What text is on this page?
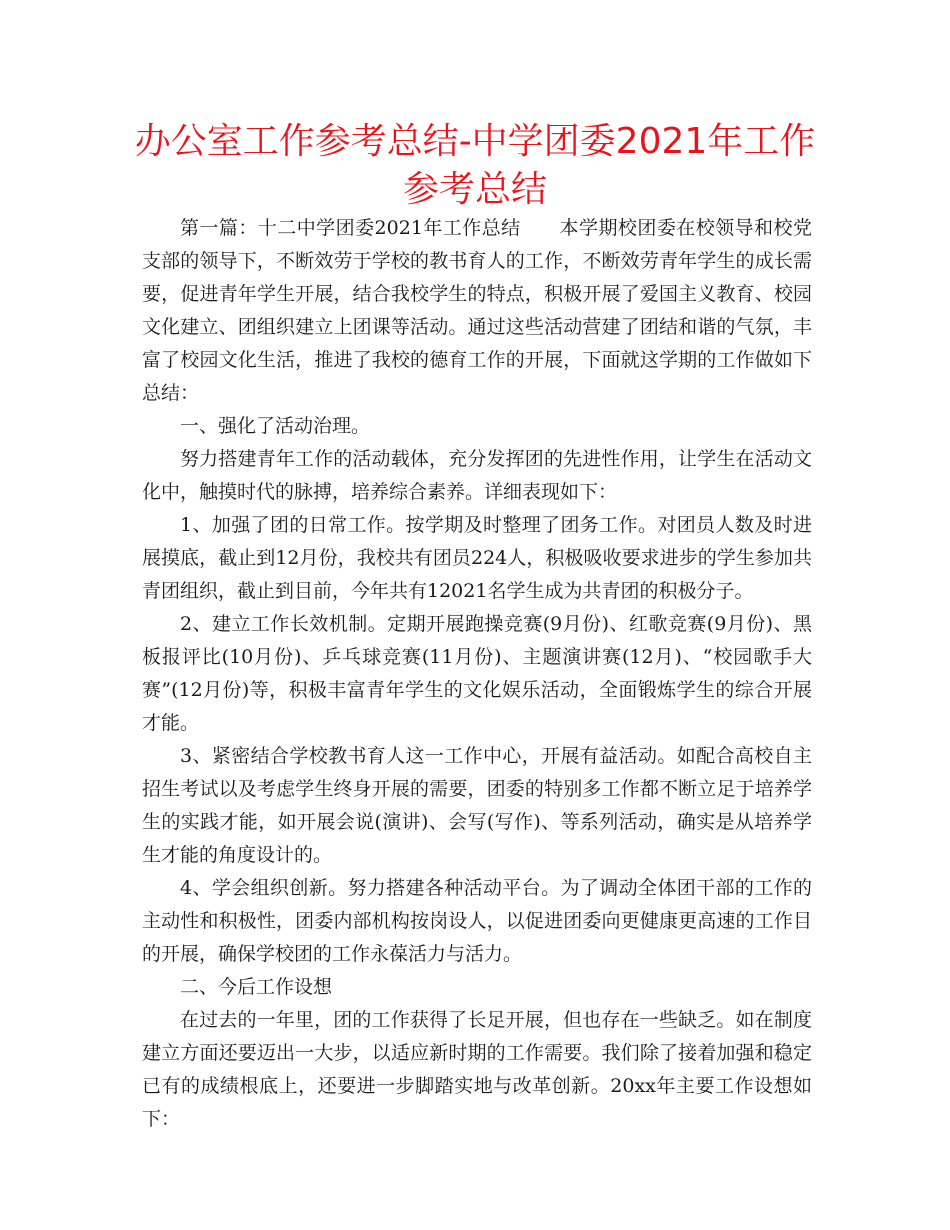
办公室工作参考总结-中学团委2021年工作参考总结

第一篇：十二中学团委2021年工作总结　　本学期校团委在校领导和校党支部的领导下，不断效劳于学校的教书育人的工作，不断效劳青年学生的成长需要，促进青年学生开展，结合我校学生的特点，积极开展了爱国主义教育、校园文化建立、团组织建立上团课等活动。通过这些活动营建了团结和谐的气氛，丰富了校园文化生活，推进了我校的德育工作的开展，下面就这学期的工作做如下总结：

一、强化了活动治理。

努力搭建青年工作的活动载体，充分发挥团的先进性作用，让学生在活动文化中，触摸时代的脉搏，培养综合素养。详细表现如下：

1、加强了团的日常工作。按学期及时整理了团务工作。对团员人数及时进展摸底，截止到12月份，我校共有团员224人，积极吸收要求进步的学生参加共青团组织，截止到目前，今年共有12021名学生成为共青团的积极分子。

2、建立工作长效机制。定期开展跑操竞赛(9月份)、红歌竞赛(9月份)、黑板报评比(10月份)、乒乓球竞赛(11月份)、主题演讲赛(12月)、“校园歌手大赛”(12月份)等，积极丰富青年学生的文化娱乐活动，全面锻炼学生的综合开展才能。

3、紧密结合学校教书育人这一工作中心，开展有益活动。如配合高校自主招生考试以及考虑学生终身开展的需要，团委的特别多工作都不断立足于培养学生的实践才能，如开展会说(演讲)、会写(写作)、等系列活动，确实是从培养学生才能的角度设计的。

4、学会组织创新。努力搭建各种活动平台。为了调动全体团干部的工作的主动性和积极性，团委内部机构按岗设人，以促进团委向更健康更高速的工作目的开展，确保学校团的工作永葆活力与活力。

二、今后工作设想

在过去的一年里，团的工作获得了长足开展，但也存在一些缺乏。如在制度建立方面还要迈出一大步，以适应新时期的工作需要。我们除了接着加强和稳定已有的成绩根底上，还要进一步脚踏实地与改革创新。20xx年主要工作设想如下：
